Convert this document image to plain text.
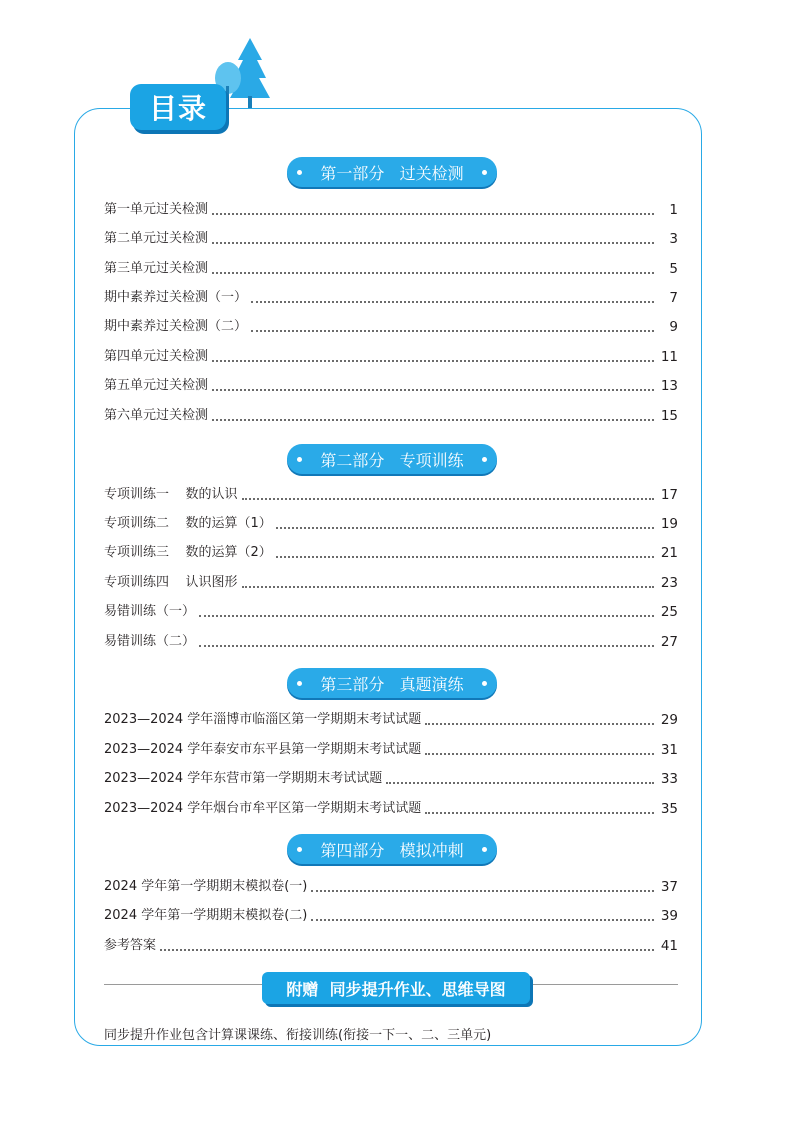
目录
第一部分   过关检测
第一单元过关检测	1
第二单元过关检测	3
第三单元过关检测	5
期中素养过关检测（一）	7
期中素养过关检测（二）	9
第四单元过关检测	11
第五单元过关检测	13
第六单元过关检测	15
第二部分   专项训练
专项训练一    数的认识	17
专项训练二    数的运算（1）	19
专项训练三    数的运算（2）	21
专项训练四    认识图形	23
易错训练（一）	25
易错训练（二）	27
第三部分   真题演练
2023—2024 学年淄博市临淄区第一学期期末考试试题	29
2023—2024 学年泰安市东平县第一学期期末考试试题	31
2023—2024 学年东营市第一学期期末考试试题	33
2023—2024 学年烟台市牟平区第一学期期末考试试题	35
第四部分   模拟冲刺
2024 学年第一学期期末模拟卷(一)	37
2024 学年第一学期期末模拟卷(二)	39
参考答案	41
附赠  同步提升作业、思维导图
同步提升作业包含计算课课练、衔接训练(衔接一下一、二、三单元)
